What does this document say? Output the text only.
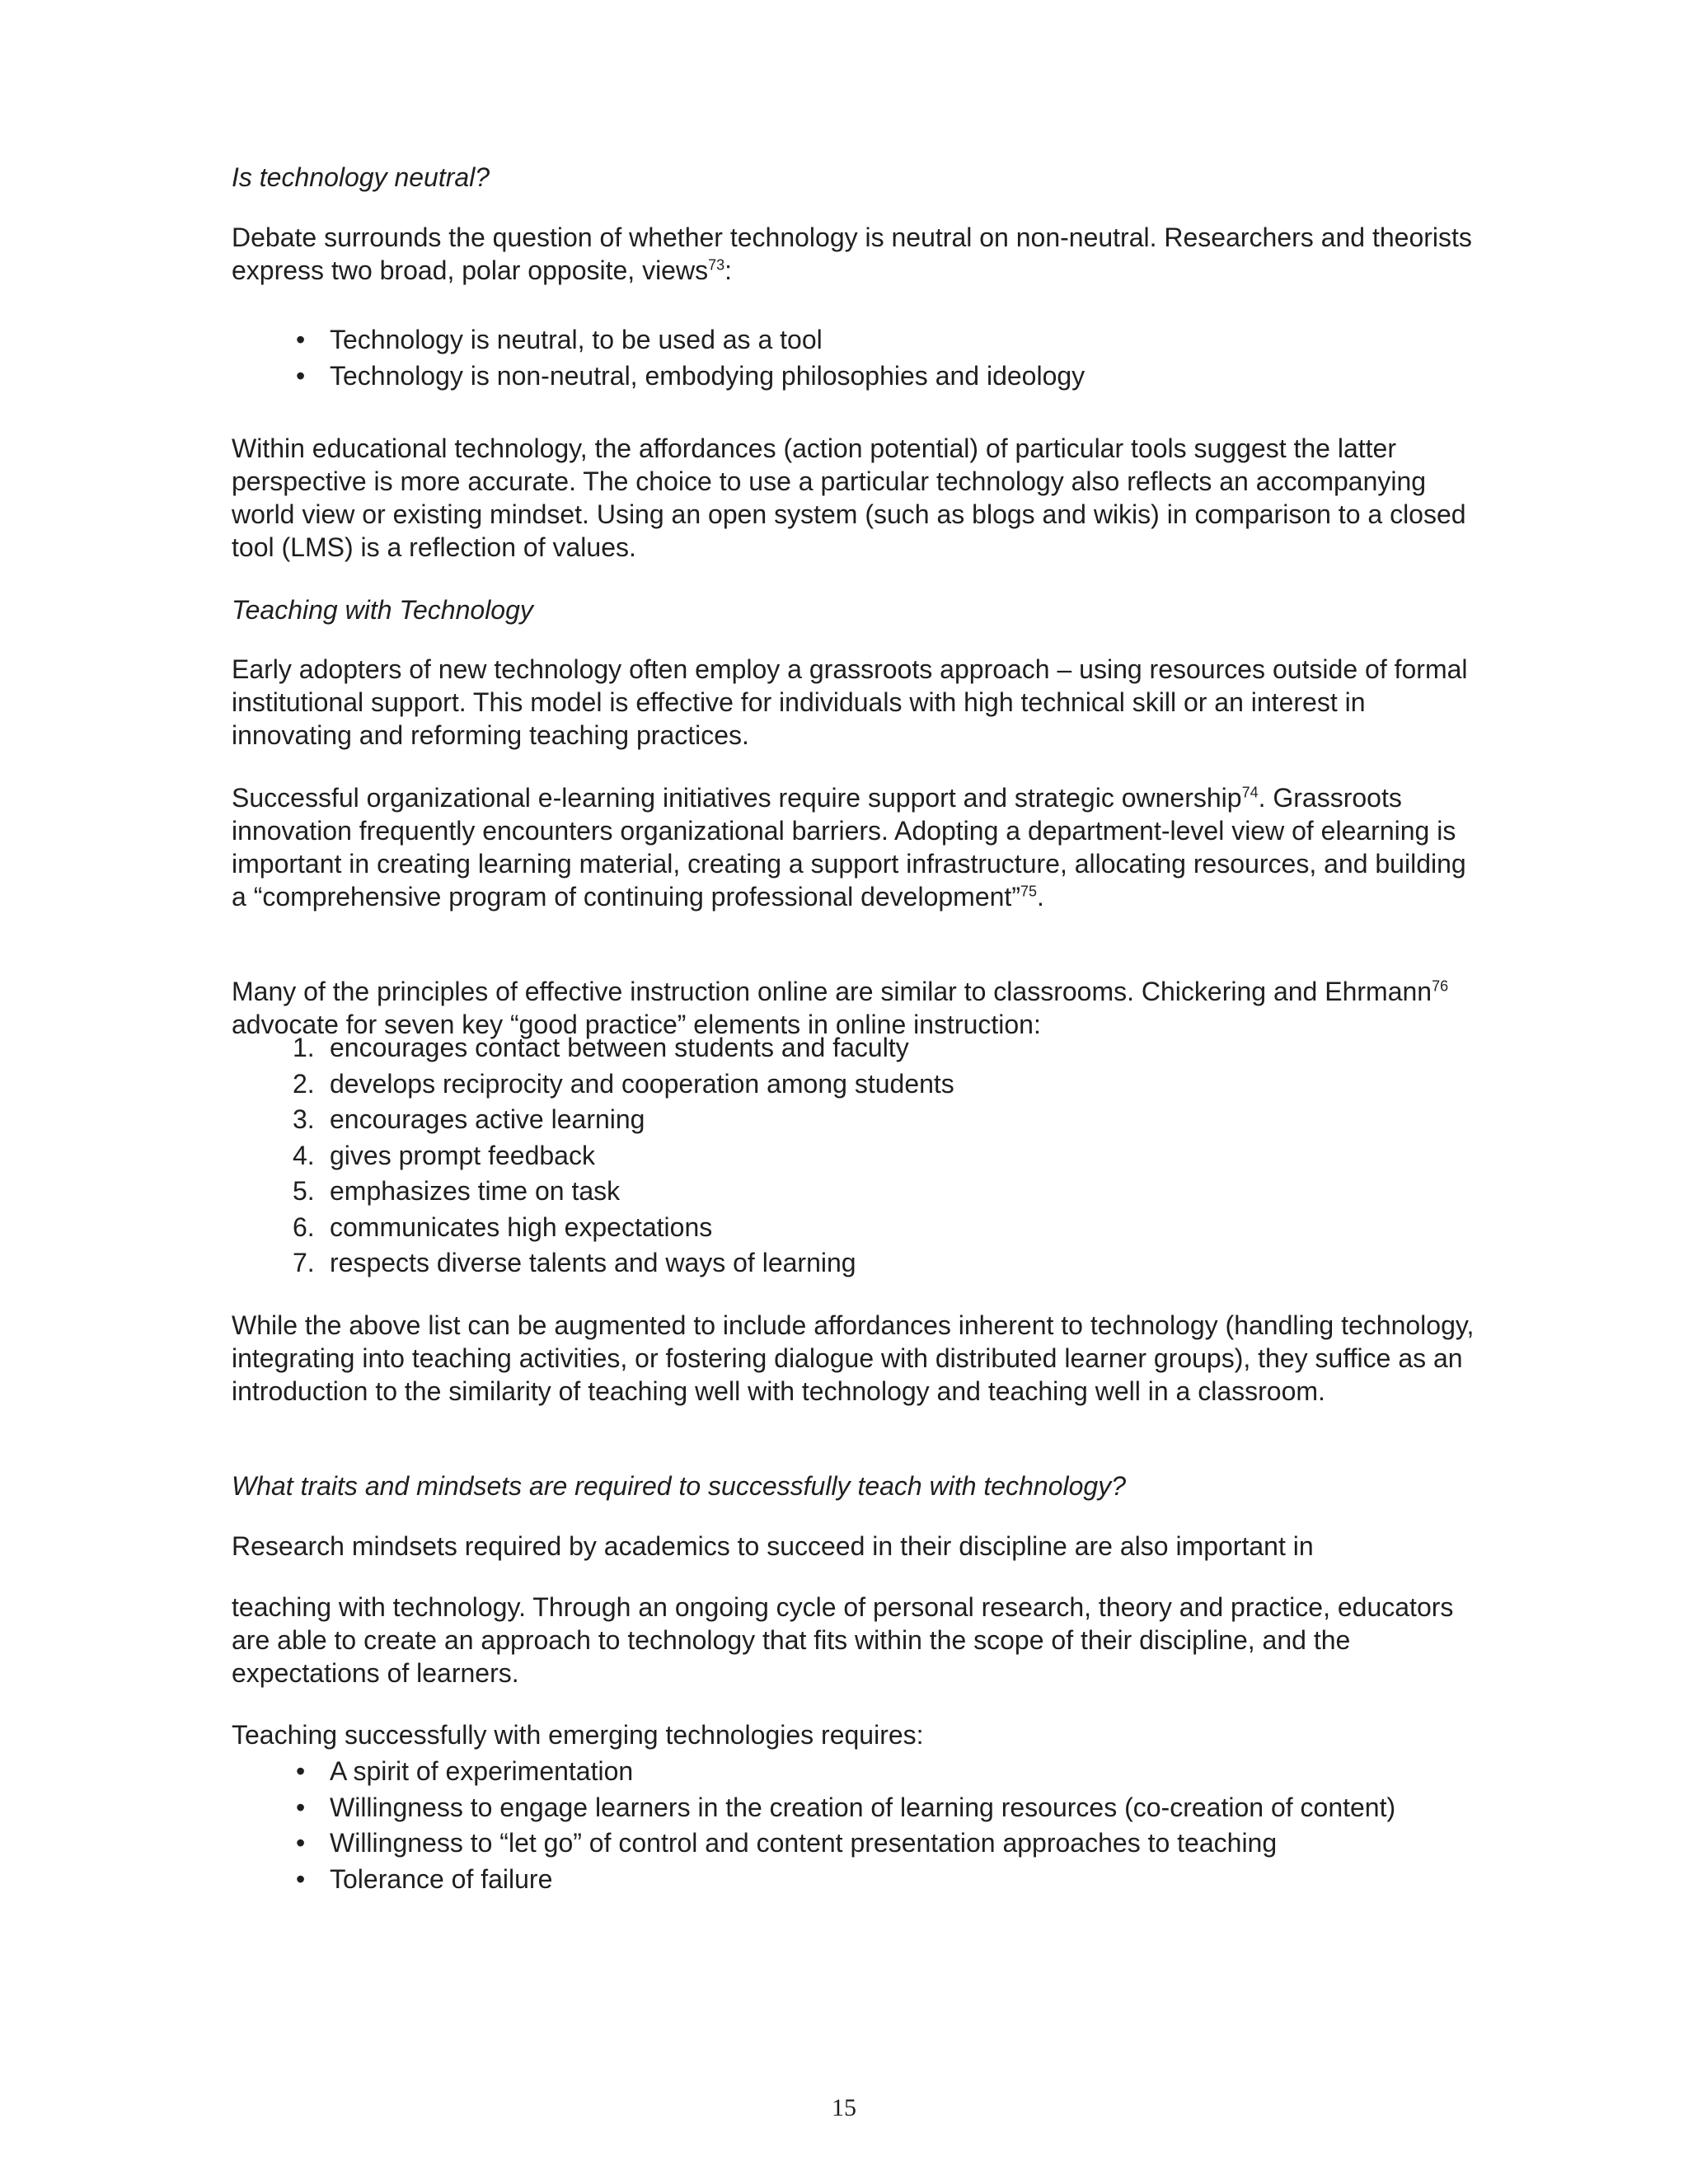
Is technology neutral?

Debate surrounds the question of whether technology is neutral on non-neutral. Researchers and theorists express two broad, polar opposite, views$^{73}$:

• Technology is neutral, to be used as a tool
• Technology is non-neutral, embodying philosophies and ideology

Within educational technology, the affordances (action potential) of particular tools suggest the latter perspective is more accurate. The choice to use a particular technology also reflects an accompanying world view or existing mindset. Using an open system (such as blogs and wikis) in comparison to a closed tool (LMS) is a reflection of values.

Teaching with Technology

Early adopters of new technology often employ a grassroots approach – using resources outside of formal institutional support. This model is effective for individuals with high technical skill or an interest in innovating and reforming teaching practices.

Successful organizational e-learning initiatives require support and strategic ownership$^{74}$. Grassroots innovation frequently encounters organizational barriers. Adopting a department-level view of elearning is important in creating learning material, creating a support infrastructure, allocating resources, and building a “comprehensive program of continuing professional development”$^{75}$.

Many of the principles of effective instruction online are similar to classrooms. Chickering and Ehrmann$^{76}$ advocate for seven key “good practice” elements in online instruction:

1. encourages contact between students and faculty
2. develops reciprocity and cooperation among students
3. encourages active learning
4. gives prompt feedback
5. emphasizes time on task
6. communicates high expectations
7. respects diverse talents and ways of learning

While the above list can be augmented to include affordances inherent to technology (handling technology, integrating into teaching activities, or fostering dialogue with distributed learner groups), they suffice as an introduction to the similarity of teaching well with technology and teaching well in a classroom.

What traits and mindsets are required to successfully teach with technology?

Research mindsets required by academics to succeed in their discipline are also important in

teaching with technology. Through an ongoing cycle of personal research, theory and practice, educators are able to create an approach to technology that fits within the scope of their discipline, and the expectations of learners.

Teaching successfully with emerging technologies requires:

• A spirit of experimentation
• Willingness to engage learners in the creation of learning resources (co-creation of content)
• Willingness to “let go” of control and content presentation approaches to teaching
• Tolerance of failure
15
